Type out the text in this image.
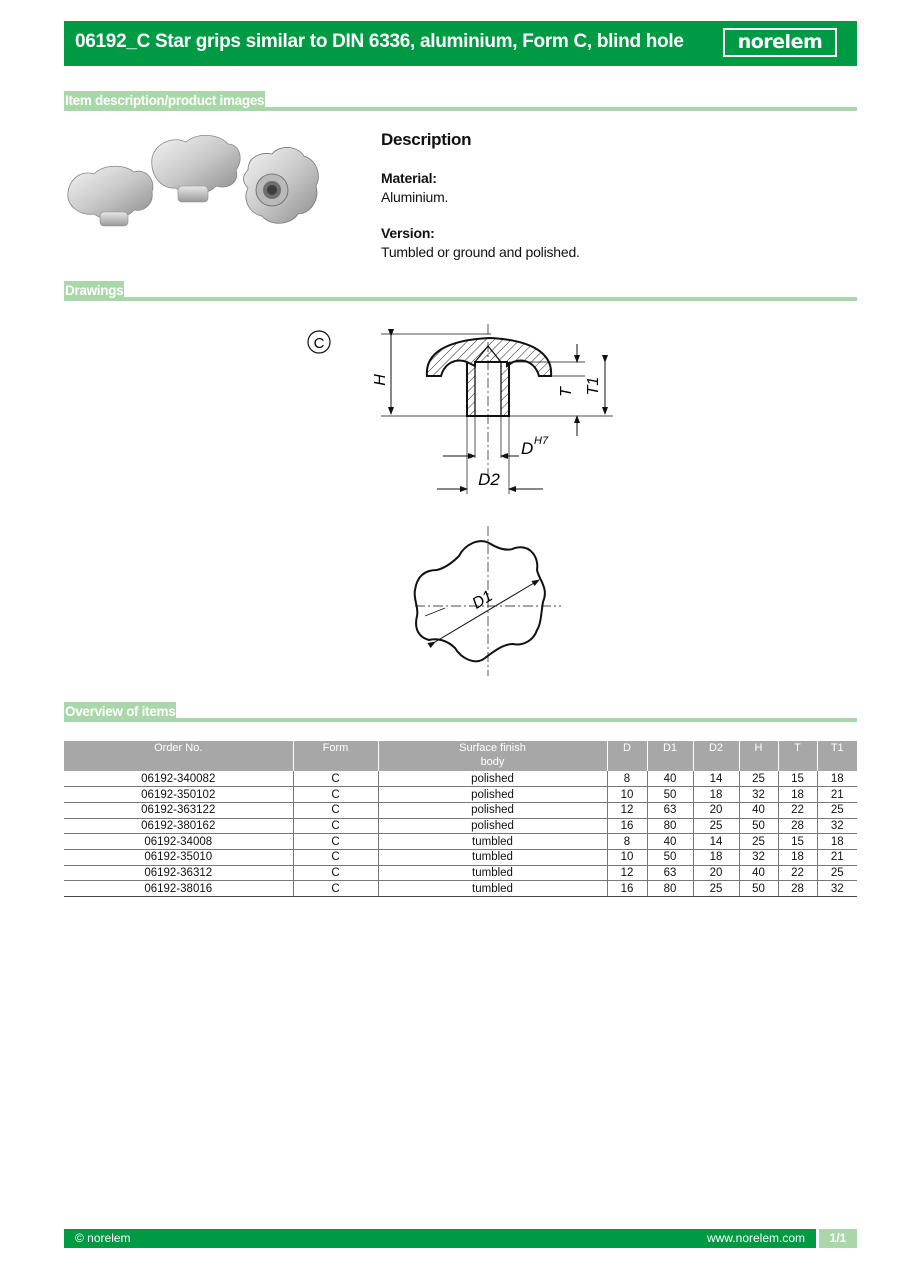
06192_C Star grips similar to DIN 6336, aluminium, Form C, blind hole	norelem
Item description/product images
Description
Material:
Aluminium.
Version:
Tumbled or ground and polished.
Drawings
C
H
T T1
D H7
D2
D1
Overview of items
Order No.	Form	Surface finish body	D	D1	D2	H	T	T1
06192-340082	C	polished	8	40	14	25	15	18
06192-350102	C	polished	10	50	18	32	18	21
06192-363122	C	polished	12	63	20	40	22	25
06192-380162	C	polished	16	80	25	50	28	32
06192-34008	C	tumbled	8	40	14	25	15	18
06192-35010	C	tumbled	10	50	18	32	18	21
06192-36312	C	tumbled	12	63	20	40	22	25
06192-38016	C	tumbled	16	80	25	50	28	32
© norelem	www.norelem.com	1/1
